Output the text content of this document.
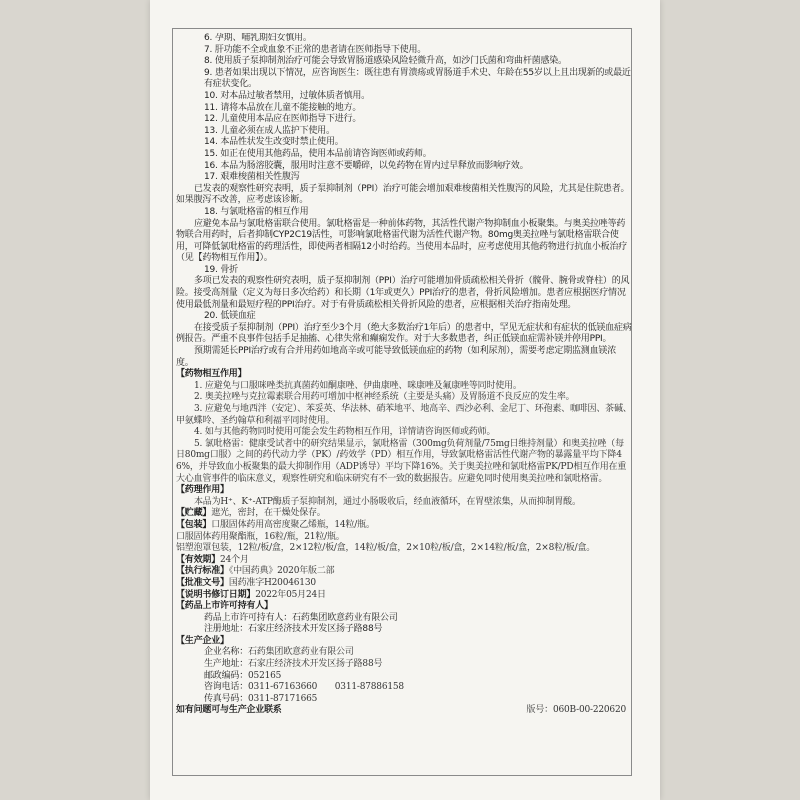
6. 孕期、哺乳期妇女慎用。

7. 肝功能不全或血象不正常的患者请在医师指导下使用。

8. 使用质子泵抑制剂治疗可能会导致胃肠道感染风险轻微升高，如沙门氏菌和弯曲杆菌感染。

9. 患者如果出现以下情况，应咨询医生：既往患有胃溃疡或胃肠道手术史、年龄在55岁以上且出现新的或最近有症状变化。

10. 对本品过敏者禁用，过敏体质者慎用。

11. 请将本品放在儿童不能接触的地方。

12. 儿童使用本品应在医师指导下进行。

13. 儿童必须在成人监护下使用。

14. 本品性状发生改变时禁止使用。

15. 如正在使用其他药品，使用本品前请咨询医师或药师。

16. 本品为肠溶胶囊，服用时注意不要嚼碎，以免药物在胃内过早释放而影响疗效。

17. 艰难梭菌相关性腹泻

已发表的观察性研究表明，质子泵抑制剂（PPI）治疗可能会增加艰难梭菌相关性腹泻的风险，尤其是住院患者。如果腹泻不改善，应考虑该诊断。

18. 与氯吡格雷的相互作用

应避免本品与氯吡格雷联合使用。氯吡格雷是一种前体药物，其活性代谢产物抑制血小板聚集。与奥美拉唑等药物联合用药时，后者抑制CYP2C19活性，可影响氯吡格雷代谢为活性代谢产物。80mg奥美拉唑与氯吡格雷联合使用，可降低氯吡格雷的药理活性，即使两者相隔12小时给药。当使用本品时，应考虑使用其他药物进行抗血小板治疗（见【药物相互作用】）。

19. 骨折

多项已发表的观察性研究表明，质子泵抑制剂（PPI）治疗可能增加骨质疏松相关骨折（髋骨、腕骨或脊柱）的风险。接受高剂量（定义为每日多次给药）和长期（1年或更久）PPI治疗的患者，骨折风险增加。患者应根据医疗情况使用最低剂量和最短疗程的PPI治疗。对于有骨质疏松相关骨折风险的患者，应根据相关治疗指南处理。

20. 低镁血症

在接受质子泵抑制剂（PPI）治疗至少3个月（绝大多数治疗1年后）的患者中，罕见无症状和有症状的低镁血症病例报告。严重不良事件包括手足抽搐、心律失常和癫痫发作。对于大多数患者，纠正低镁血症需补镁并停用PPI。

预期需延长PPI治疗或有合并用药如地高辛或可能导致低镁血症的药物（如利尿剂），需要考虑定期监测血镁浓度。

【药物相互作用】

1. 应避免与口服咪唑类抗真菌药如酮康唑、伊曲康唑、咪康唑及氟康唑等同时使用。

2. 奥美拉唑与克拉霉素联合用药可增加中枢神经系统（主要是头痛）及胃肠道不良反应的发生率。

3. 应避免与地西泮（安定）、苯妥英、华法林、硝苯地平、地高辛、西沙必利、金尼丁、环孢素、咖啡因、茶碱、甲氨蝶呤、圣约翰草和利福平同时使用。

4. 如与其他药物同时使用可能会发生药物相互作用，详情请咨询医师或药师。

5. 氯吡格雷：健康受试者中的研究结果显示，氯吡格雷（300mg负荷剂量/75mg日维持剂量）和奥美拉唑（每日80mg口服）之间的药代动力学（PK）/药效学（PD）相互作用，导致氯吡格雷活性代谢产物的暴露量平均下降46%，并导致血小板聚集的最大抑制作用（ADP诱导）平均下降16%。关于奥美拉唑和氯吡格雷PK/PD相互作用在重大心血管事件的临床意义，观察性研究和临床研究有不一致的数据报告。应避免同时使用奥美拉唑和氯吡格雷。

【药理作用】

本品为H⁺、K⁺-ATP酶质子泵抑制剂，通过小肠吸收后，经血液循环，在胃壁浓集，从而抑制胃酸。

【贮藏】遮光，密封，在干燥处保存。

【包装】口服固体药用高密度聚乙烯瓶，14粒/瓶。

口服固体药用聚酯瓶，16粒/瓶，21粒/瓶。

铝塑泡罩包装，12粒/板/盒，2×12粒/板/盒，14粒/板/盒，2×10粒/板/盒，2×14粒/板/盒，2×8粒/板/盒。

【有效期】24个月

【执行标准】《中国药典》2020年版二部

【批准文号】国药准字H20046130

【说明书修订日期】2022年05月24日

【药品上市许可持有人】

药品上市许可持有人：石药集团欧意药业有限公司

注册地址：石家庄经济技术开发区扬子路88号

【生产企业】

企业名称：石药集团欧意药业有限公司

生产地址：石家庄经济技术开发区扬子路88号

邮政编码：052165

咨询电话：0311-67163660　　0311-87886158

传真号码：0311-87171665

如有问题可与生产企业联系	版号：060B-00-220620
